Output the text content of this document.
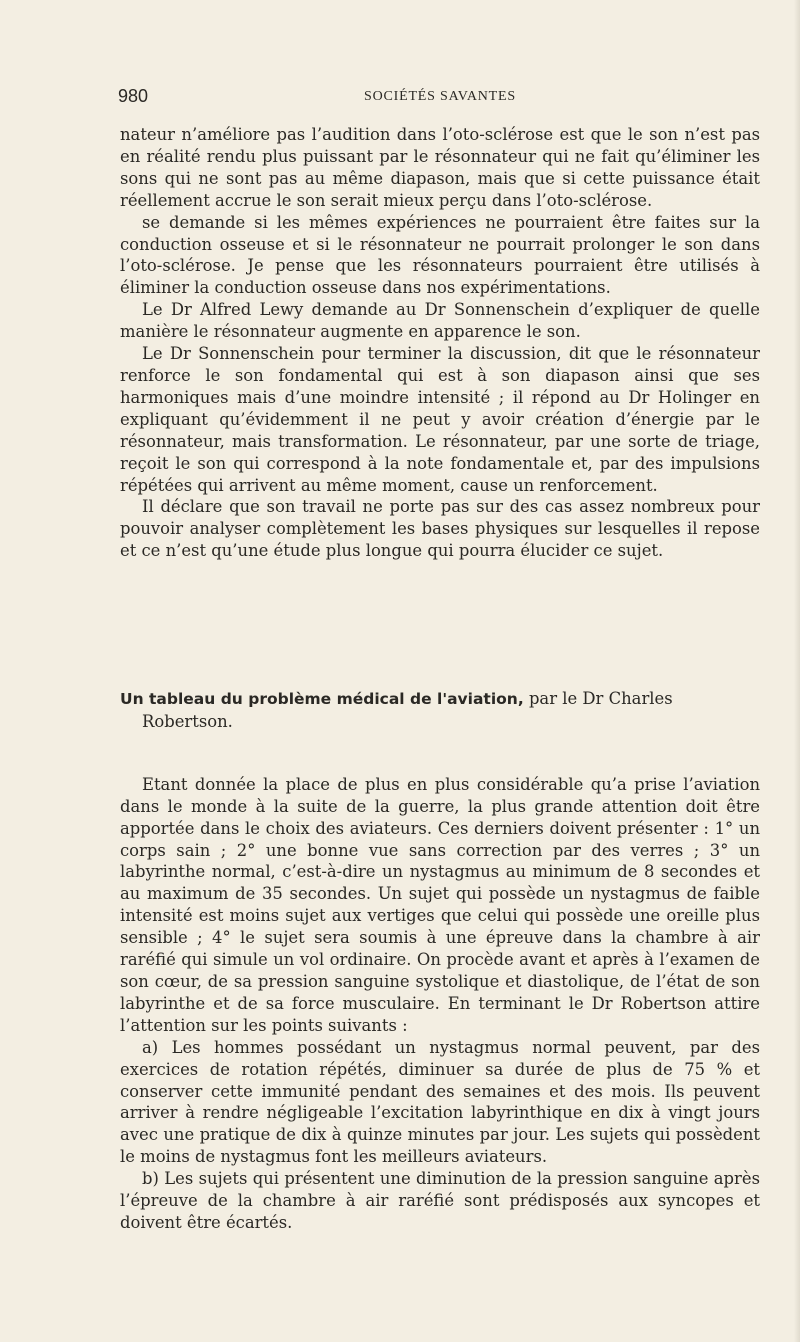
980	SOCIÉTÉS SAVANTES

nateur n’améliore pas l’audition dans l’oto-sclérose est que le son n’est pas en réalité rendu plus puissant par le résonnateur qui ne fait qu’éliminer les sons qui ne sont pas au même diapason, mais que si cette puissance était réellement accrue le son serait mieux perçu dans l’oto-sclérose.

se demande si les mêmes expériences ne pourraient être faites sur la conduction osseuse et si le résonnateur ne pourrait prolonger le son dans l’oto-sclérose. Je pense que les résonnateurs pourraient être utilisés à éliminer la conduction osseuse dans nos expérimentations.

Le Dr Alfred Lewy demande au Dr Sonnenschein d’expliquer de quelle manière le résonnateur augmente en apparence le son.

Le Dr Sonnenschein pour terminer la discussion, dit que le résonnateur renforce le son fondamental qui est à son diapason ainsi que ses harmoniques mais d’une moindre intensité ; il répond au Dr Holinger en expliquant qu’évidemment il ne peut y avoir création d’énergie par le résonnateur, mais transformation. Le résonnateur, par une sorte de triage, reçoit le son qui correspond à la note fondamentale et, par des impulsions répétées qui arrivent au même moment, cause un renforcement.

Il déclare que son travail ne porte pas sur des cas assez nombreux pour pouvoir analyser complètement les bases physiques sur lesquelles il repose et ce n’est qu’une étude plus longue qui pourra élucider ce sujet.

Un tableau du problème médical de l'aviation, par le Dr Charles Robertson.

Etant donnée la place de plus en plus considérable qu’a prise l’aviation dans le monde à la suite de la guerre, la plus grande attention doit être apportée dans le choix des aviateurs. Ces derniers doivent présenter : 1° un corps sain ; 2° une bonne vue sans correction par des verres ; 3° un labyrinthe normal, c’est-à-dire un nystagmus au minimum de 8 secondes et au maximum de 35 secondes. Un sujet qui possède un nystagmus de faible intensité est moins sujet aux vertiges que celui qui possède une oreille plus sensible ; 4° le sujet sera soumis à une épreuve dans la chambre à air raréfié qui simule un vol ordinaire. On procède avant et après à l’examen de son cœur, de sa pression sanguine systolique et diastolique, de l’état de son labyrinthe et de sa force musculaire. En terminant le Dr Robertson attire l’attention sur les points suivants :

a) Les hommes possédant un nystagmus normal peuvent, par des exercices de rotation répétés, diminuer sa durée de plus de 75 % et conserver cette immunité pendant des semaines et des mois. Ils peuvent arriver à rendre négligeable l’excitation labyrinthique en dix à vingt jours avec une pratique de dix à quinze minutes par jour. Les sujets qui possèdent le moins de nystagmus font les meilleurs aviateurs.

b) Les sujets qui présentent une diminution de la pression sanguine après l’épreuve de la chambre à air raréfié sont prédisposés aux syncopes et doivent être écartés.
